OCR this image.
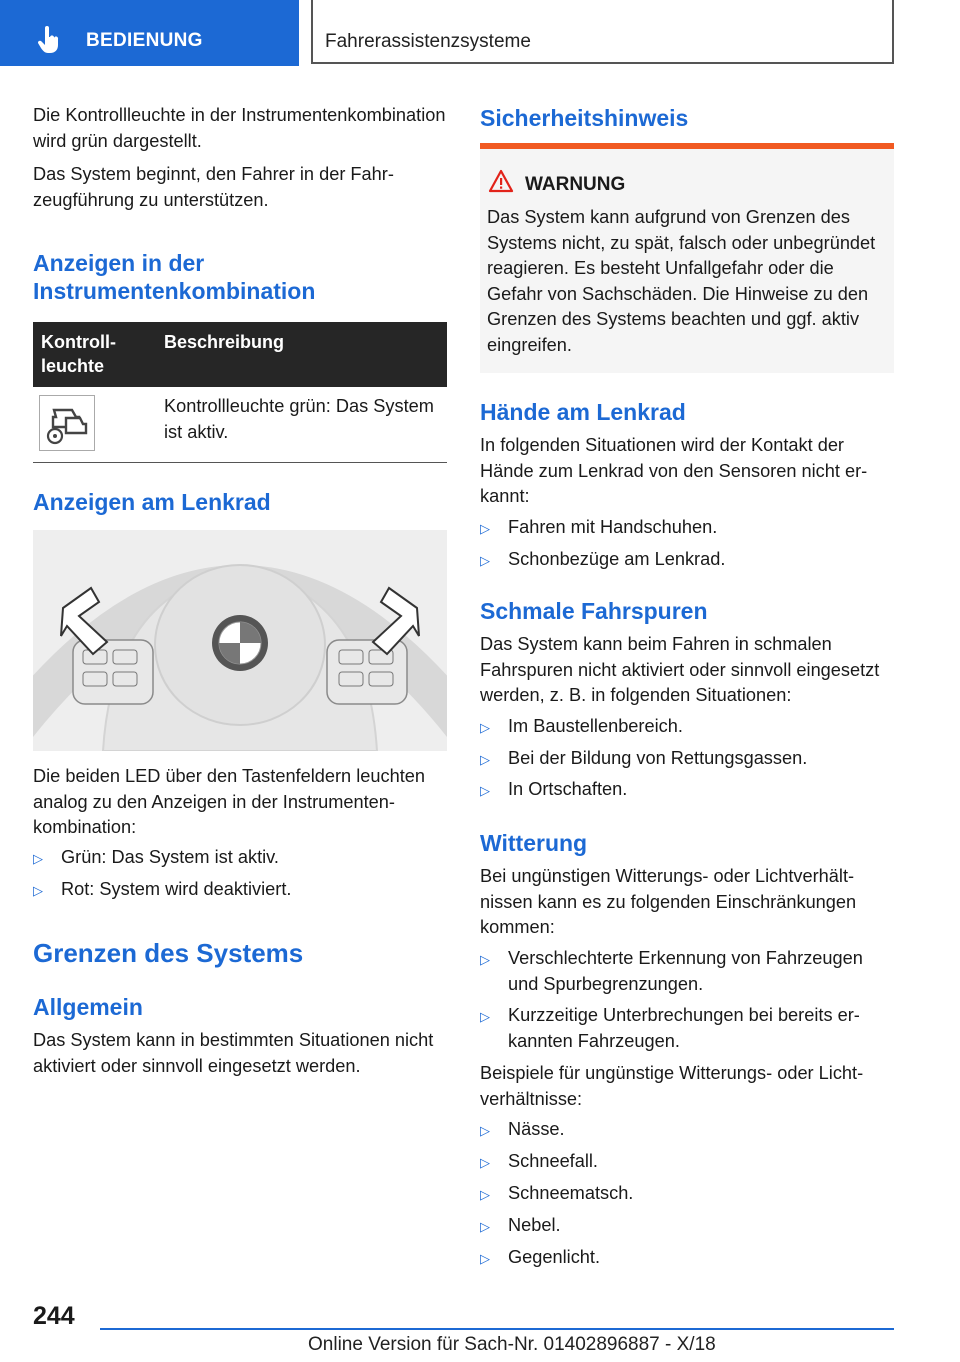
BEDIENUNG	Fahrerassistenzsysteme

Die Kontrollleuchte in der Instrumentenkombination wird grün dargestellt.

Das System beginnt, den Fahrer in der Fahrzeugführung zu unterstützen.

Anzeigen in der Instrumentenkombination
Kontrollleuchte
Beschreibung

Kontrollleuchte grün: Das System ist aktiv.

Anzeigen am Lenkrad

Die beiden LED über den Tastenfeldern leuchten analog zu den Anzeigen in der Instrumentenkombination:

▷ Grün: Das System ist aktiv.
▷ Rot: System wird deaktiviert.
Grenzen des Systems
Allgemein

Das System kann in bestimmten Situationen nicht aktiviert oder sinnvoll eingesetzt werden.

Sicherheitshinweis
WARNUNG

Das System kann aufgrund von Grenzen des Systems nicht, zu spät, falsch oder unbegründet reagieren. Es besteht Unfallgefahr oder die Gefahr von Sachschäden. Die Hinweise zu den Grenzen des Systems beachten und ggf. aktiv eingreifen.

Hände am Lenkrad

In folgenden Situationen wird der Kontakt der Hände zum Lenkrad von den Sensoren nicht erkannt:

▷ Fahren mit Handschuhen.
▷ Schonbezüge am Lenkrad.
Schmale Fahrspuren

Das System kann beim Fahren in schmalen Fahrspuren nicht aktiviert oder sinnvoll eingesetzt werden, z. B. in folgenden Situationen:

▷ Im Baustellenbereich.
▷ Bei der Bildung von Rettungsgassen.
▷ In Ortschaften.
Witterung

Bei ungünstigen Witterungs- oder Lichtverhältnissen kann es zu folgenden Einschränkungen kommen:

▷ Verschlechterte Erkennung von Fahrzeugen und Spurbegrenzungen.
▷ Kurzzeitige Unterbrechungen bei bereits erkannten Fahrzeugen.

Beispiele für ungünstige Witterungs- oder Lichtverhältnisse:

▷ Nässe.
▷ Schneefall.
▷ Schneematsch.
▷ Nebel.
▷ Gegenlicht.
244
Online Version für Sach-Nr. 01402896887 - X/18
